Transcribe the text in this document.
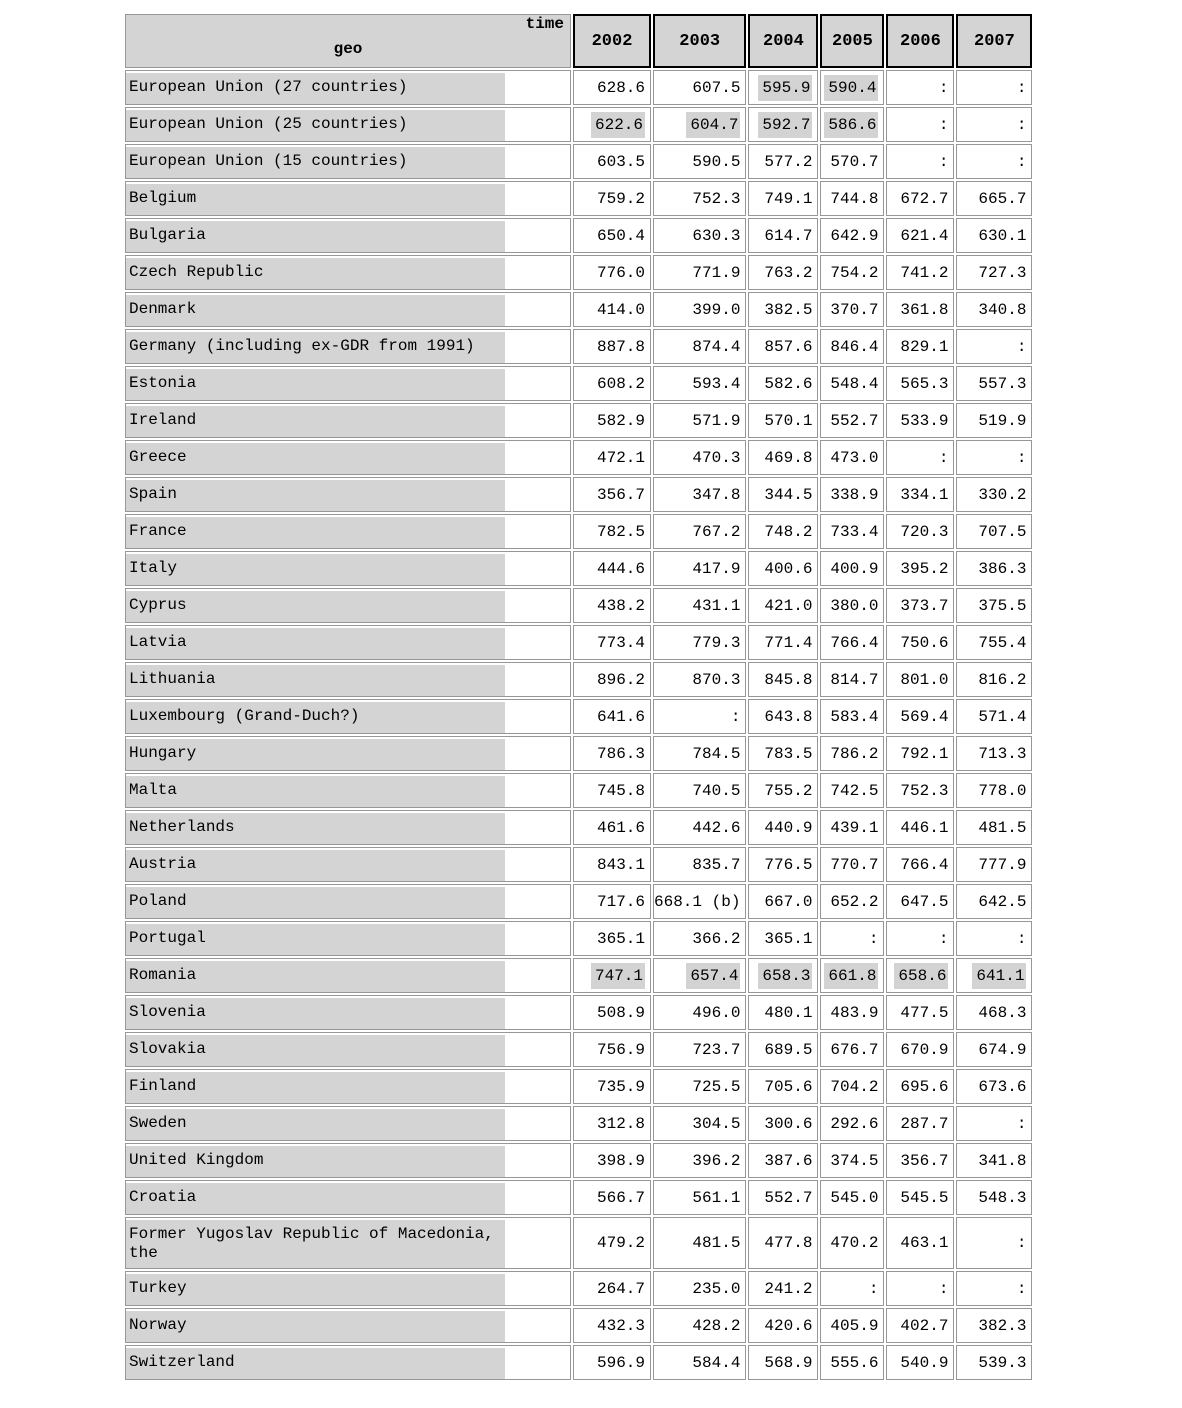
time
geo	2002	2003	2004	2005	2006	2007

European Union (27 countries)	628.6	607.5	595.9	590.4	:	:

European Union (25 countries)	622.6	604.7	592.7	586.6	:	:

European Union (15 countries)	603.5	590.5	577.2	570.7	:	:

Belgium	759.2	752.3	749.1	744.8	672.7	665.7

Bulgaria	650.4	630.3	614.7	642.9	621.4	630.1

Czech Republic	776.0	771.9	763.2	754.2	741.2	727.3

Denmark	414.0	399.0	382.5	370.7	361.8	340.8

Germany (including ex-GDR from 1991)	887.8	874.4	857.6	846.4	829.1	:

Estonia	608.2	593.4	582.6	548.4	565.3	557.3

Ireland	582.9	571.9	570.1	552.7	533.9	519.9

Greece	472.1	470.3	469.8	473.0	:	:

Spain	356.7	347.8	344.5	338.9	334.1	330.2

France	782.5	767.2	748.2	733.4	720.3	707.5

Italy	444.6	417.9	400.6	400.9	395.2	386.3

Cyprus	438.2	431.1	421.0	380.0	373.7	375.5

Latvia	773.4	779.3	771.4	766.4	750.6	755.4

Lithuania	896.2	870.3	845.8	814.7	801.0	816.2

Luxembourg (Grand-Duch?)	641.6	:	643.8	583.4	569.4	571.4

Hungary	786.3	784.5	783.5	786.2	792.1	713.3

Malta	745.8	740.5	755.2	742.5	752.3	778.0

Netherlands	461.6	442.6	440.9	439.1	446.1	481.5

Austria	843.1	835.7	776.5	770.7	766.4	777.9

Poland	717.6	668.1 (b)	667.0	652.2	647.5	642.5

Portugal	365.1	366.2	365.1	:	:	:

Romania	747.1	657.4	658.3	661.8	658.6	641.1

Slovenia	508.9	496.0	480.1	483.9	477.5	468.3

Slovakia	756.9	723.7	689.5	676.7	670.9	674.9

Finland	735.9	725.5	705.6	704.2	695.6	673.6

Sweden	312.8	304.5	300.6	292.6	287.7	:

United Kingdom	398.9	396.2	387.6	374.5	356.7	341.8

Croatia	566.7	561.1	552.7	545.0	545.5	548.3

Former Yugoslav Republic of Macedonia, the	479.2	481.5	477.8	470.2	463.1	:

Turkey	264.7	235.0	241.2	:	:	:

Norway	432.3	428.2	420.6	405.9	402.7	382.3

Switzerland	596.9	584.4	568.9	555.6	540.9	539.3
